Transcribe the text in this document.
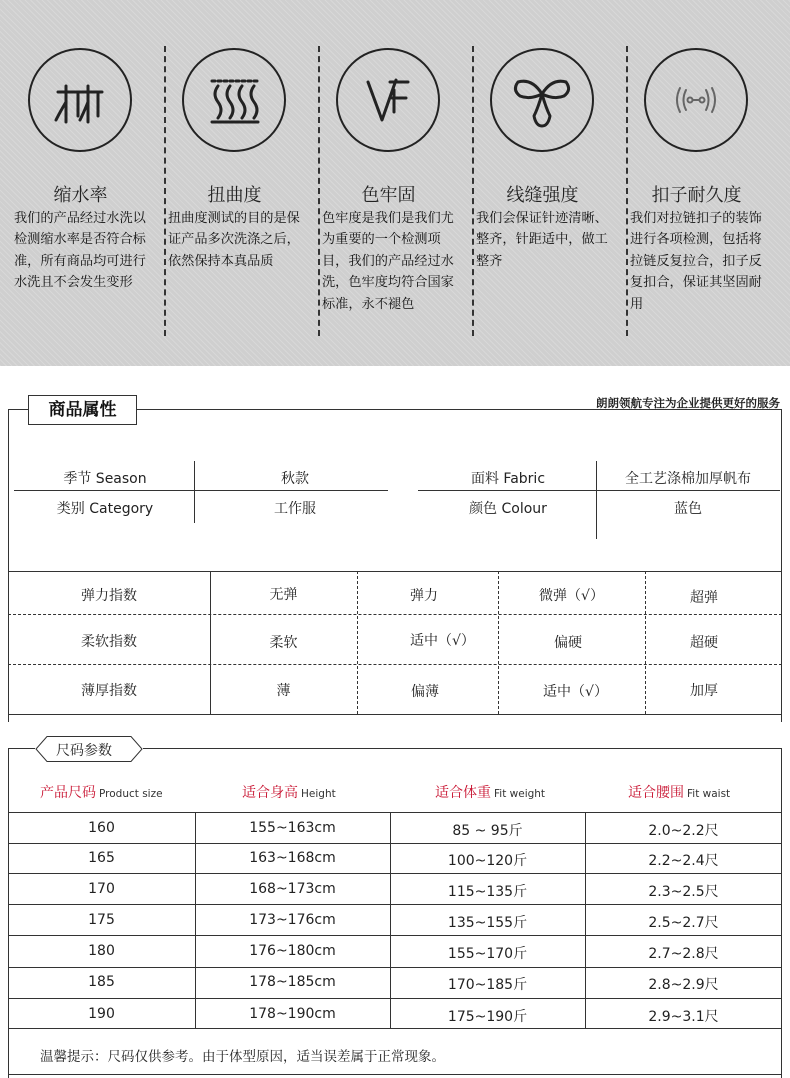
缩水率
我们的产品经过水洗以检测缩水率是否符合标准，所有商品均可进行水洗且不会发生变形
扭曲度
扭曲度测试的目的是保证产品多次洗涤之后，依然保持本真品质
色牢固
色牢度是我们是我们尤为重要的一个检测项目，我们的产品经过水洗，色牢度均符合国家标准，永不褪色
线缝强度
我们会保证针迹清晰、整齐，针距适中，做工整齐
扣子耐久度
我们对拉链扣子的装饰进行各项检测，包括将拉链反复拉合，扣子反复扣合，保证其坚固耐用
商品属性	朗朗领航专注为企业提供更好的服务
季节 Season	秋款	面料 Fabric	全工艺涤棉加厚帆布
类别 Category	工作服	颜色 Colour	蓝色
弹力指数	无弹	弹力	微弹（√）	超弹
柔软指数	柔软	适中（√）	偏硬	超硬
薄厚指数	薄	偏薄	适中（√）	加厚
尺码参数
产品尺码 Product size	适合身高 Height	适合体重 Fit weight	适合腰围 Fit waist
160	155~163cm	85 ~ 95斤	2.0~2.2尺
165	163~168cm	100~120斤	2.2~2.4尺
170	168~173cm	115~135斤	2.3~2.5尺
175	173~176cm	135~155斤	2.5~2.7尺
180	176~180cm	155~170斤	2.7~2.8尺
185	178~185cm	170~185斤	2.8~2.9尺
190	178~190cm	175~190斤	2.9~3.1尺
温馨提示：尺码仅供参考。由于体型原因，适当误差属于正常现象。
